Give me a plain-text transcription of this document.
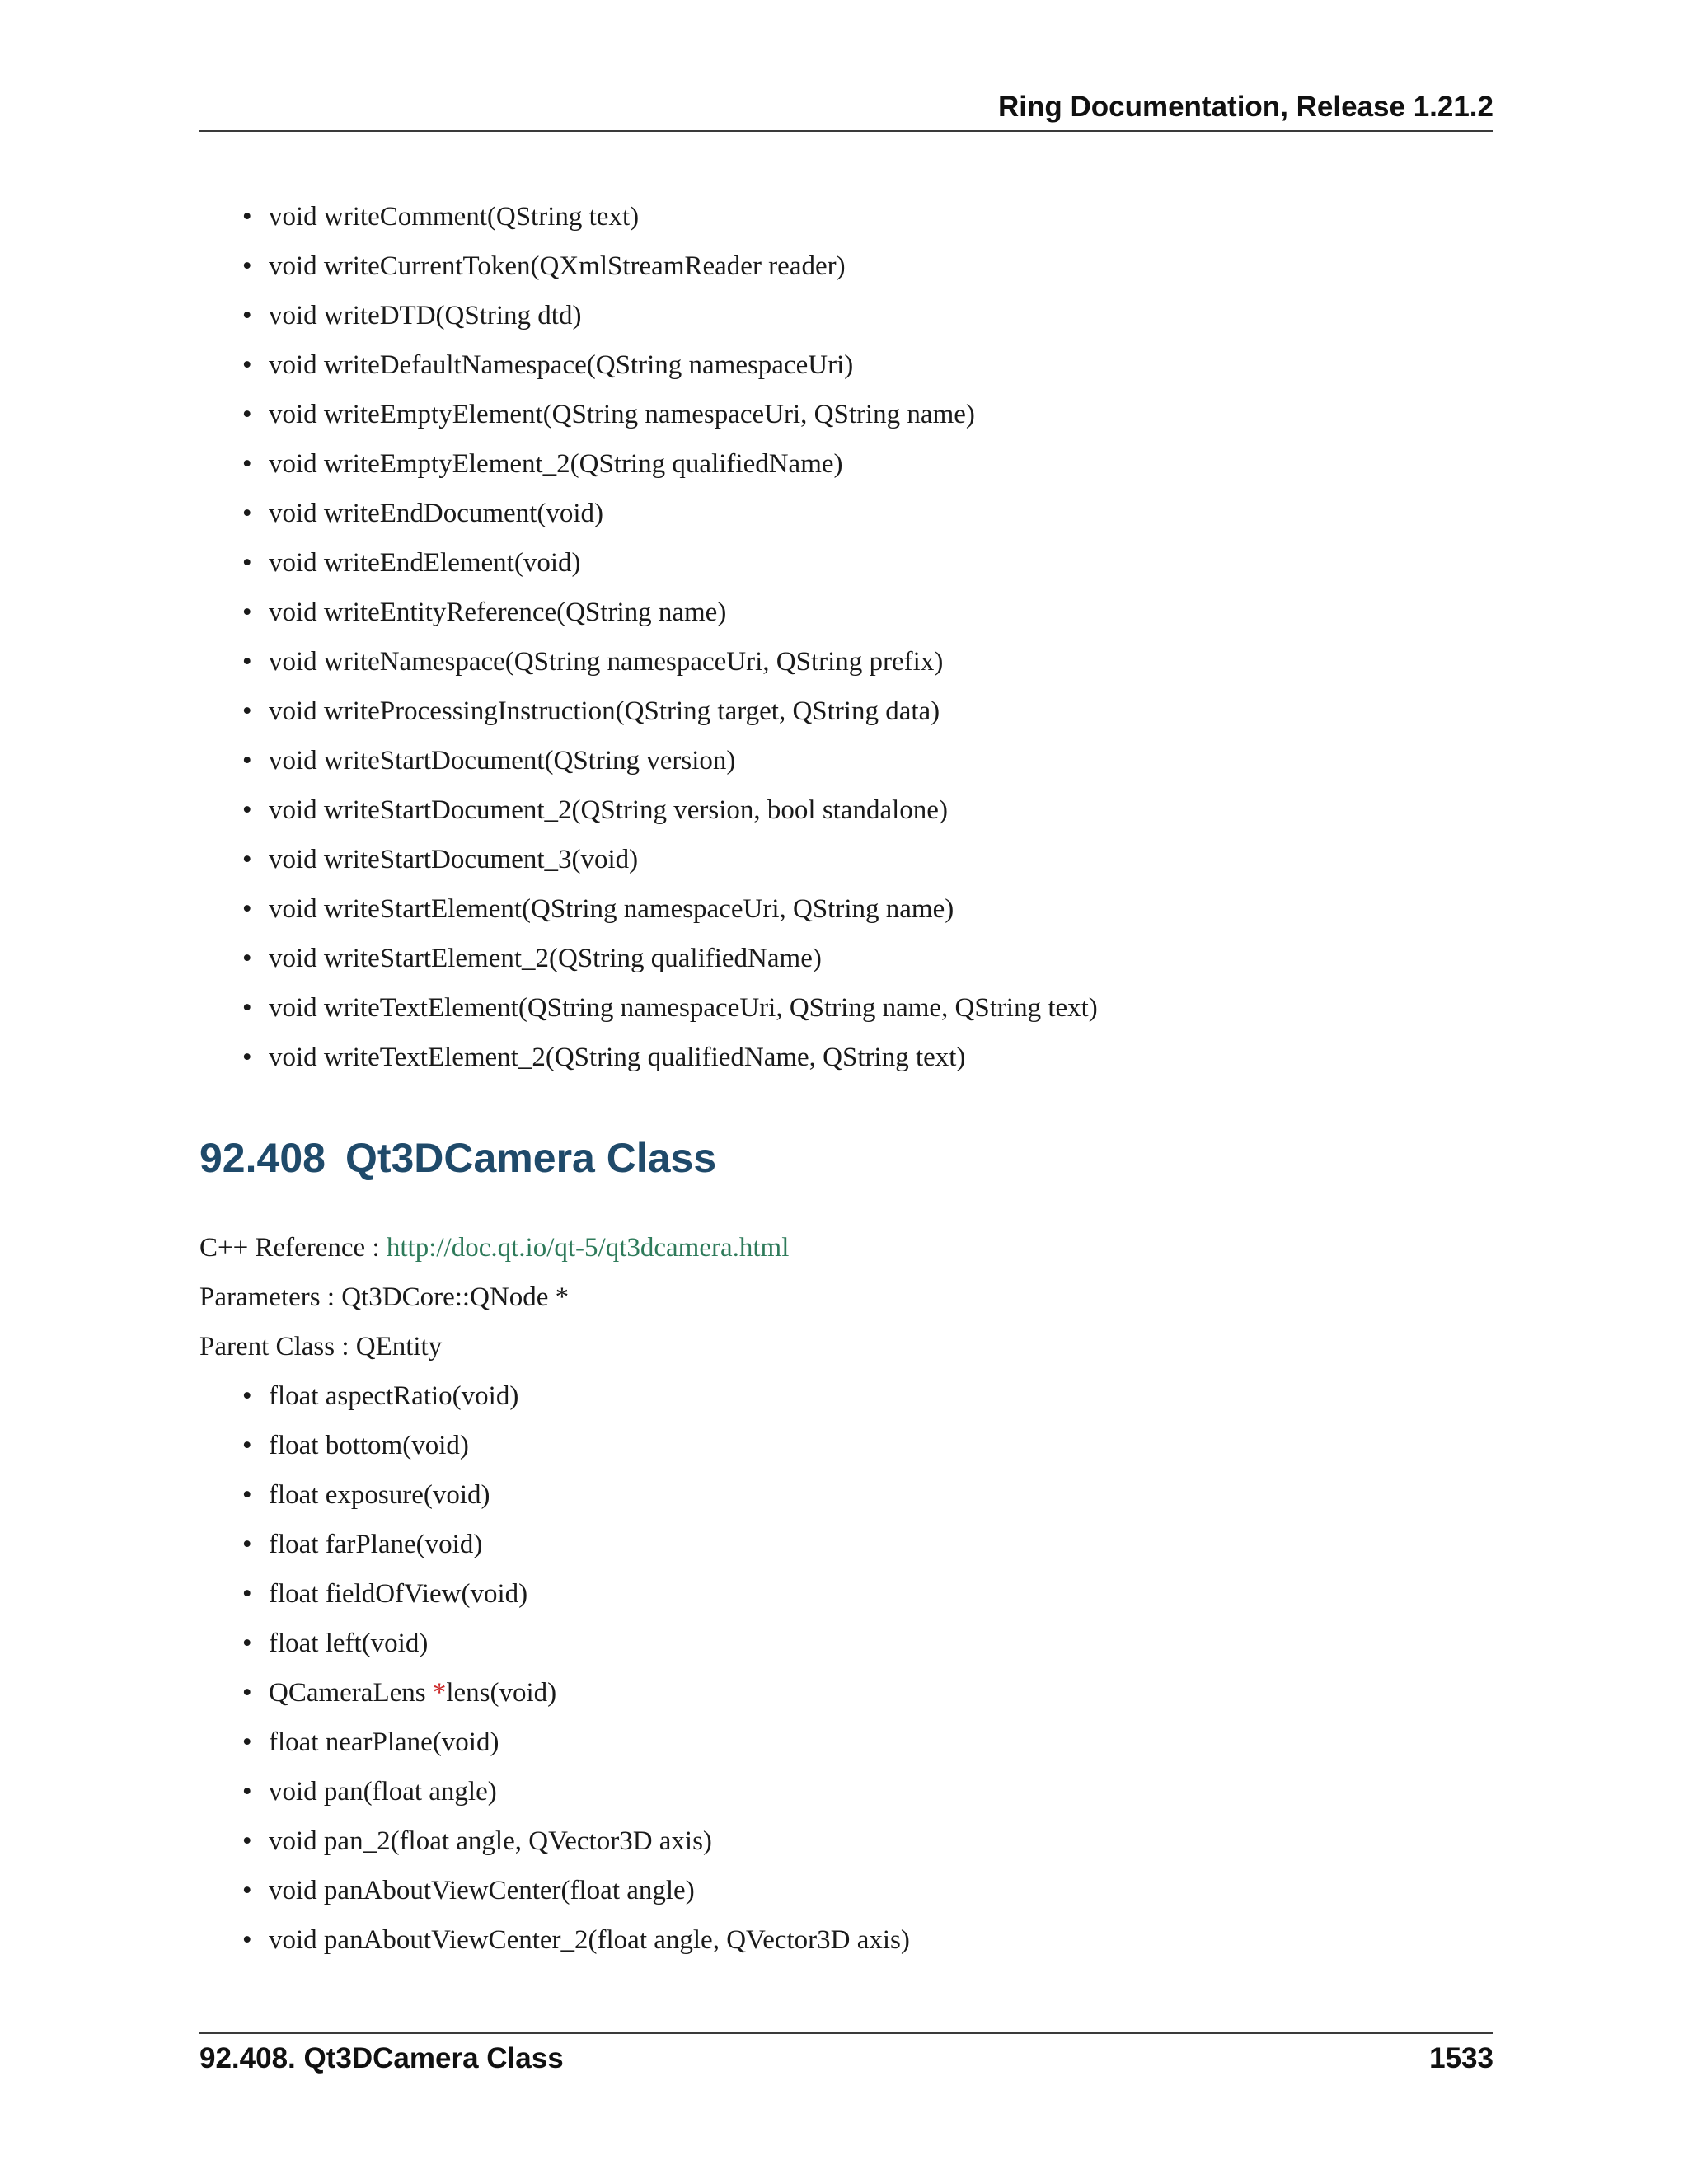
Ring Documentation, Release 1.21.2
• void writeComment(QString text)
• void writeCurrentToken(QXmlStreamReader reader)
• void writeDTD(QString dtd)
• void writeDefaultNamespace(QString namespaceUri)
• void writeEmptyElement(QString namespaceUri, QString name)
• void writeEmptyElement_2(QString qualifiedName)
• void writeEndDocument(void)
• void writeEndElement(void)
• void writeEntityReference(QString name)
• void writeNamespace(QString namespaceUri, QString prefix)
• void writeProcessingInstruction(QString target, QString data)
• void writeStartDocument(QString version)
• void writeStartDocument_2(QString version, bool standalone)
• void writeStartDocument_3(void)
• void writeStartElement(QString namespaceUri, QString name)
• void writeStartElement_2(QString qualifiedName)
• void writeTextElement(QString namespaceUri, QString name, QString text)
• void writeTextElement_2(QString qualifiedName, QString text)
92.408 Qt3DCamera Class
C++ Reference : http://doc.qt.io/qt-5/qt3dcamera.html
Parameters : Qt3DCore::QNode *
Parent Class : QEntity
• float aspectRatio(void)
• float bottom(void)
• float exposure(void)
• float farPlane(void)
• float fieldOfView(void)
• float left(void)
• QCameraLens *lens(void)
• float nearPlane(void)
• void pan(float angle)
• void pan_2(float angle, QVector3D axis)
• void panAboutViewCenter(float angle)
• void panAboutViewCenter_2(float angle, QVector3D axis)
92.408. Qt3DCamera Class	1533
